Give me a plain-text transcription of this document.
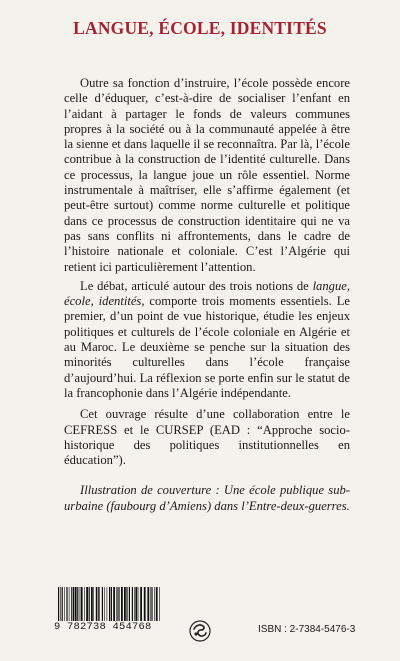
LANGUE, ÉCOLE, IDENTITÉS

Outre sa fonction d’instruire, l’école possède encore celle d’éduquer, c’est-à-dire de socialiser l’enfant en l’aidant à partager le fonds de valeurs communes propres à la société ou à la communauté appelée à être la sienne et dans laquelle il se reconnaîtra. Par là, l’école contribue à la construction de l’identité culturelle. Dans ce processus, la langue joue un rôle essentiel. Norme instrumentale à maîtriser, elle s’affirme également (et peut-être surtout) comme norme culturelle et politique dans ce processus de construction identitaire qui ne va pas sans conflits ni affrontements, dans le cadre de l’histoire nationale et coloniale. C’est l’Algérie qui retient ici particulièrement l’attention.

Le débat, articulé autour des trois notions de langue, école, identités, comporte trois moments essentiels. Le premier, d’un point de vue historique, étudie les enjeux politiques et culturels de l’école coloniale en Algérie et au Maroc. Le deuxième se penche sur la situation des minorités culturelles dans l’école française d’aujourd’hui. La réflexion se porte enfin sur le statut de la francophonie dans l’Algérie indépendante.

Cet ouvrage résulte d’une collaboration entre le CEFRESS et le CURSEP (EAD : “Approche socio-historique des politiques institutionnelles en éducation”).

Illustration de couverture : Une école publique sub-urbaine (faubourg d’Amiens) dans l’Entre-deux-guerres.

9 782738 454768	ISBN : 2-7384-5476-3
